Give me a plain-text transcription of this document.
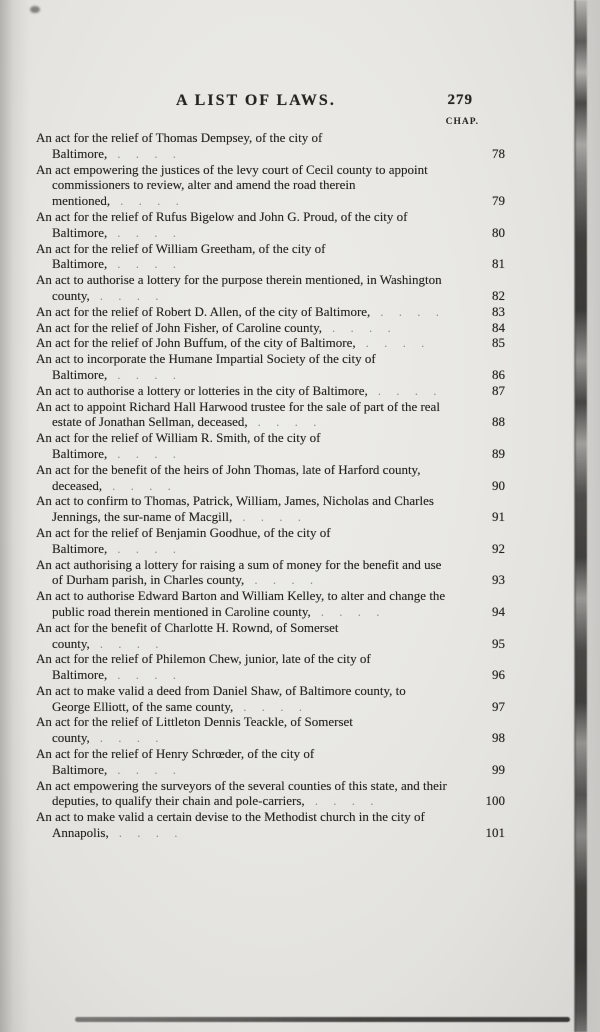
A LIST OF LAWS.	279
CHAP.
An act for the relief of Thomas Dempsey, of the city of Baltimore, . . . .	78
An act empowering the justices of the levy court of Cecil county to appoint commissioners to review, alter and amend the road therein mentioned, . . . .	79
An act for the relief of Rufus Bigelow and John G. Proud, of the city of Baltimore, . . . .	80
An act for the relief of William Greetham, of the city of Baltimore, . . . .	81
An act to authorise a lottery for the purpose therein mentioned, in Washington county, . . . .	82
An act for the relief of Robert D. Allen, of the city of Baltimore, . . . .	83
An act for the relief of John Fisher, of Caroline county, . . . .	84
An act for the relief of John Buffum, of the city of Baltimore, . . . .	85
An act to incorporate the Humane Impartial Society of the city of Baltimore, . . . .	86
An act to authorise a lottery or lotteries in the city of Baltimore, . . . .	87
An act to appoint Richard Hall Harwood trustee for the sale of part of the real estate of Jonathan Sellman, deceased, . . . .	88
An act for the relief of William R. Smith, of the city of Baltimore, . . . .	89
An act for the benefit of the heirs of John Thomas, late of Harford county, deceased, . . . .	90
An act to confirm to Thomas, Patrick, William, James, Nicholas and Charles Jennings, the sur-name of Macgill, . . . .	91
An act for the relief of Benjamin Goodhue, of the city of Baltimore, . . . .	92
An act authorising a lottery for raising a sum of money for the benefit and use of Durham parish, in Charles county, . . . .	93
An act to authorise Edward Barton and William Kelley, to alter and change the public road therein mentioned in Caroline county, . . . .	94
An act for the benefit of Charlotte H. Rownd, of Somerset county, . . . .	95
An act for the relief of Philemon Chew, junior, late of the city of Baltimore, . . . .	96
An act to make valid a deed from Daniel Shaw, of Baltimore county, to George Elliott, of the same county, . . . .	97
An act for the relief of Littleton Dennis Teackle, of Somerset county, . . . .	98
An act for the relief of Henry Schrœder, of the city of Baltimore, . . . .	99
An act empowering the surveyors of the several counties of this state, and their deputies, to qualify their chain and pole-carriers, . . . .	100
An act to make valid a certain devise to the Methodist church in the city of Annapolis, . . . .	101
